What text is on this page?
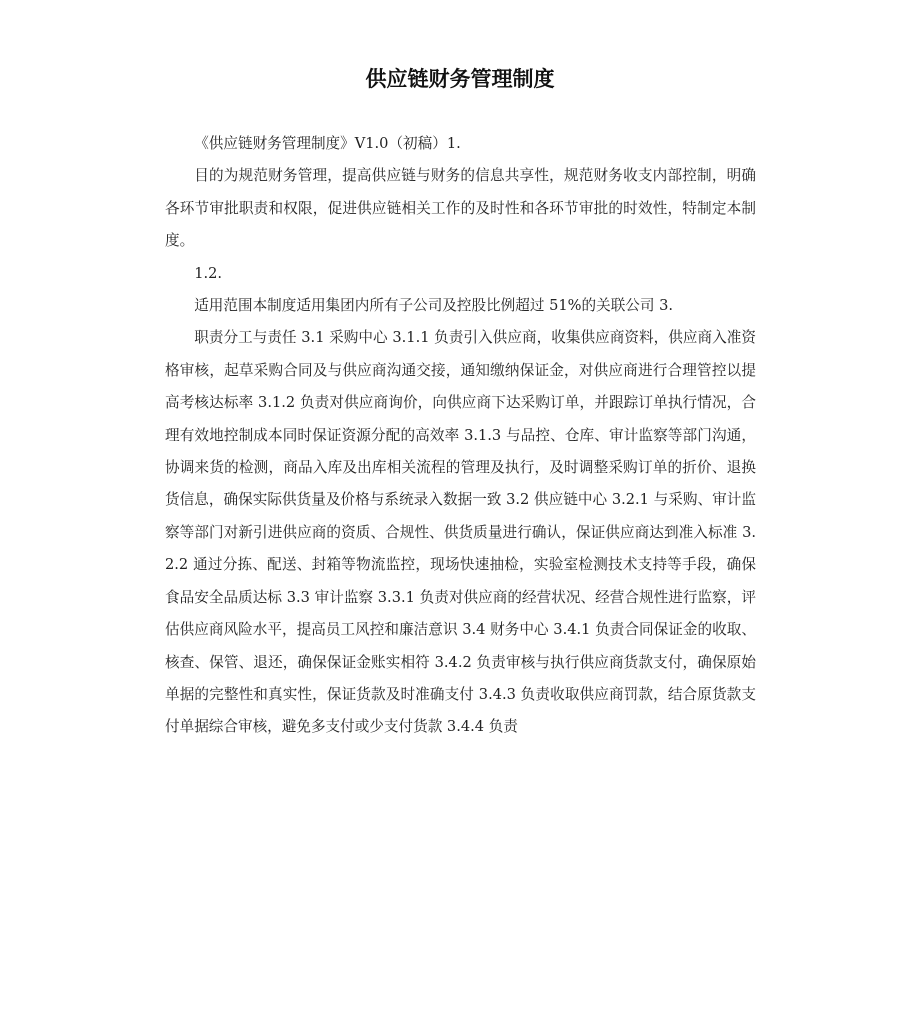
供应链财务管理制度

《供应链财务管理制度》V1.0（初稿）1.

目的为规范财务管理，提高供应链与财务的信息共享性，规范财务收支内部控制，明确各环节审批职责和权限，促进供应链相关工作的及时性和各环节审批的时效性，特制定本制度。

1.2.

适用范围本制度适用集团内所有子公司及控股比例超过 51%的关联公司 3.

职责分工与责任 3.1 采购中心 3.1.1 负责引入供应商，收集供应商资料，供应商入准资格审核，起草采购合同及与供应商沟通交接，通知缴纳保证金，对供应商进行合理管控以提高考核达标率 3.1.2 负责对供应商询价，向供应商下达采购订单，并跟踪订单执行情况，合理有效地控制成本同时保证资源分配的高效率 3.1.3 与品控、仓库、审计监察等部门沟通，协调来货的检测，商品入库及出库相关流程的管理及执行，及时调整采购订单的折价、退换货信息，确保实际供货量及价格与系统录入数据一致 3.2 供应链中心 3.2.1 与采购、审计监察等部门对新引进供应商的资质、合规性、供货质量进行确认，保证供应商达到准入标准 3.2.2 通过分拣、配送、封箱等物流监控，现场快速抽检，实验室检测技术支持等手段，确保食品安全品质达标 3.3 审计监察 3.3.1 负责对供应商的经营状况、经营合规性进行监察，评估供应商风险水平，提高员工风控和廉洁意识 3.4 财务中心 3.4.1 负责合同保证金的收取、核查、保管、退还，确保保证金账实相符 3.4.2 负责审核与执行供应商货款支付，确保原始单据的完整性和真实性，保证货款及时准确支付 3.4.3 负责收取供应商罚款，结合原货款支付单据综合审核，避免多支付或少支付货款 3.4.4 负责
